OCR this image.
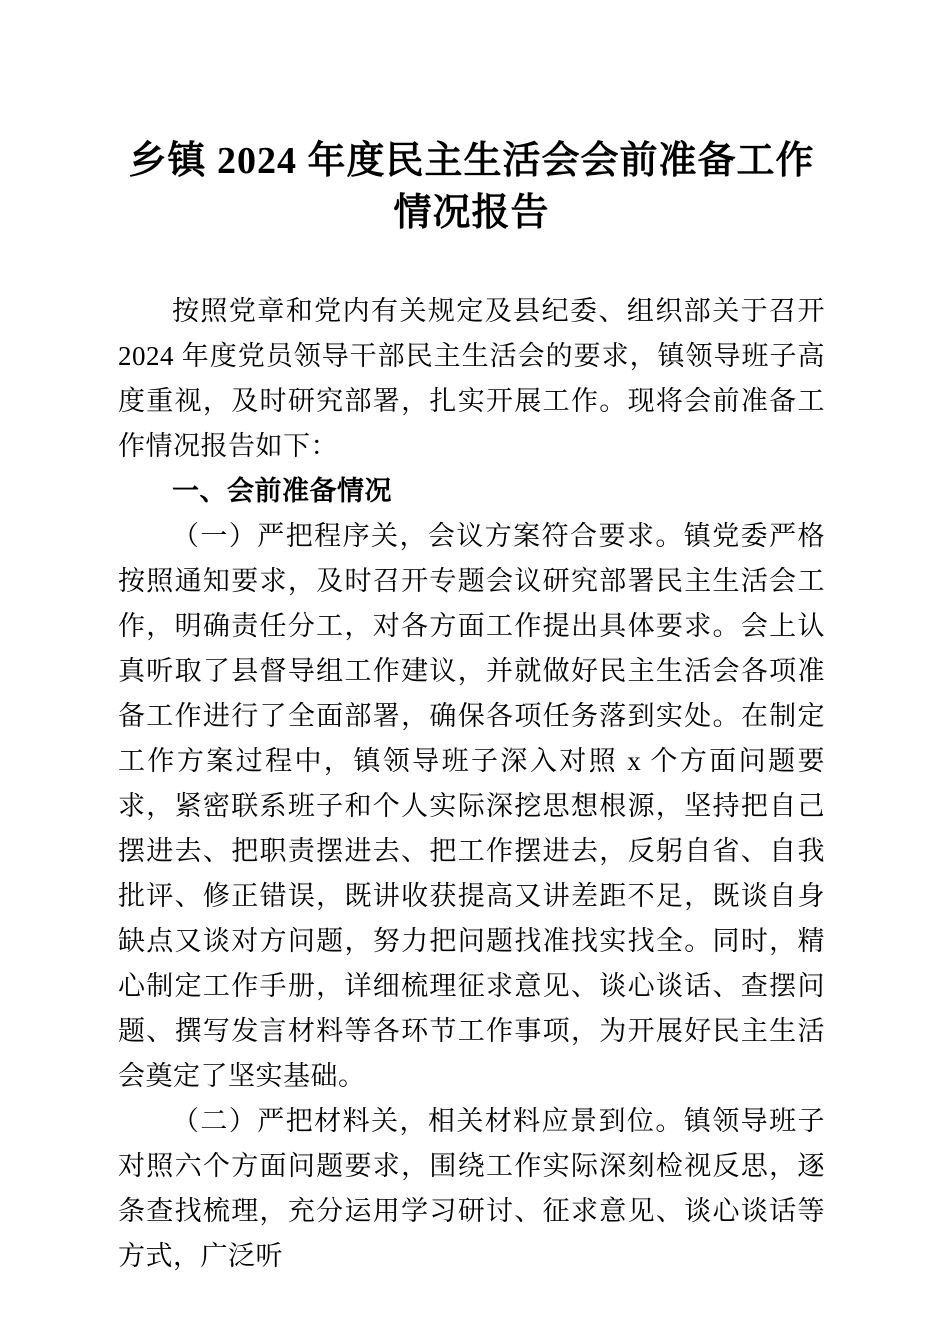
乡镇 2024 年度民主生活会会前准备工作情况报告

按照党章和党内有关规定及县纪委、组织部关于召开 2024 年度党员领导干部民主生活会的要求，镇领导班子高度重视，及时研究部署，扎实开展工作。现将会前准备工作情况报告如下：

一、会前准备情况

（一）严把程序关，会议方案符合要求。镇党委严格按照通知要求，及时召开专题会议研究部署民主生活会工作，明确责任分工，对各方面工作提出具体要求。会上认真听取了县督导组工作建议，并就做好民主生活会各项准备工作进行了全面部署，确保各项任务落到实处。在制定工作方案过程中，镇领导班子深入对照 x 个方面问题要求，紧密联系班子和个人实际深挖思想根源，坚持把自己摆进去、把职责摆进去、把工作摆进去，反躬自省、自我批评、修正错误，既讲收获提高又讲差距不足，既谈自身缺点又谈对方问题，努力把问题找准找实找全。同时，精心制定工作手册，详细梳理征求意见、谈心谈话、查摆问题、撰写发言材料等各环节工作事项，为开展好民主生活会奠定了坚实基础。

（二）严把材料关，相关材料应景到位。镇领导班子对照六个方面问题要求，围绕工作实际深刻检视反思，逐条查找梳理，充分运用学习研讨、征求意见、谈心谈话等方式，广泛听
